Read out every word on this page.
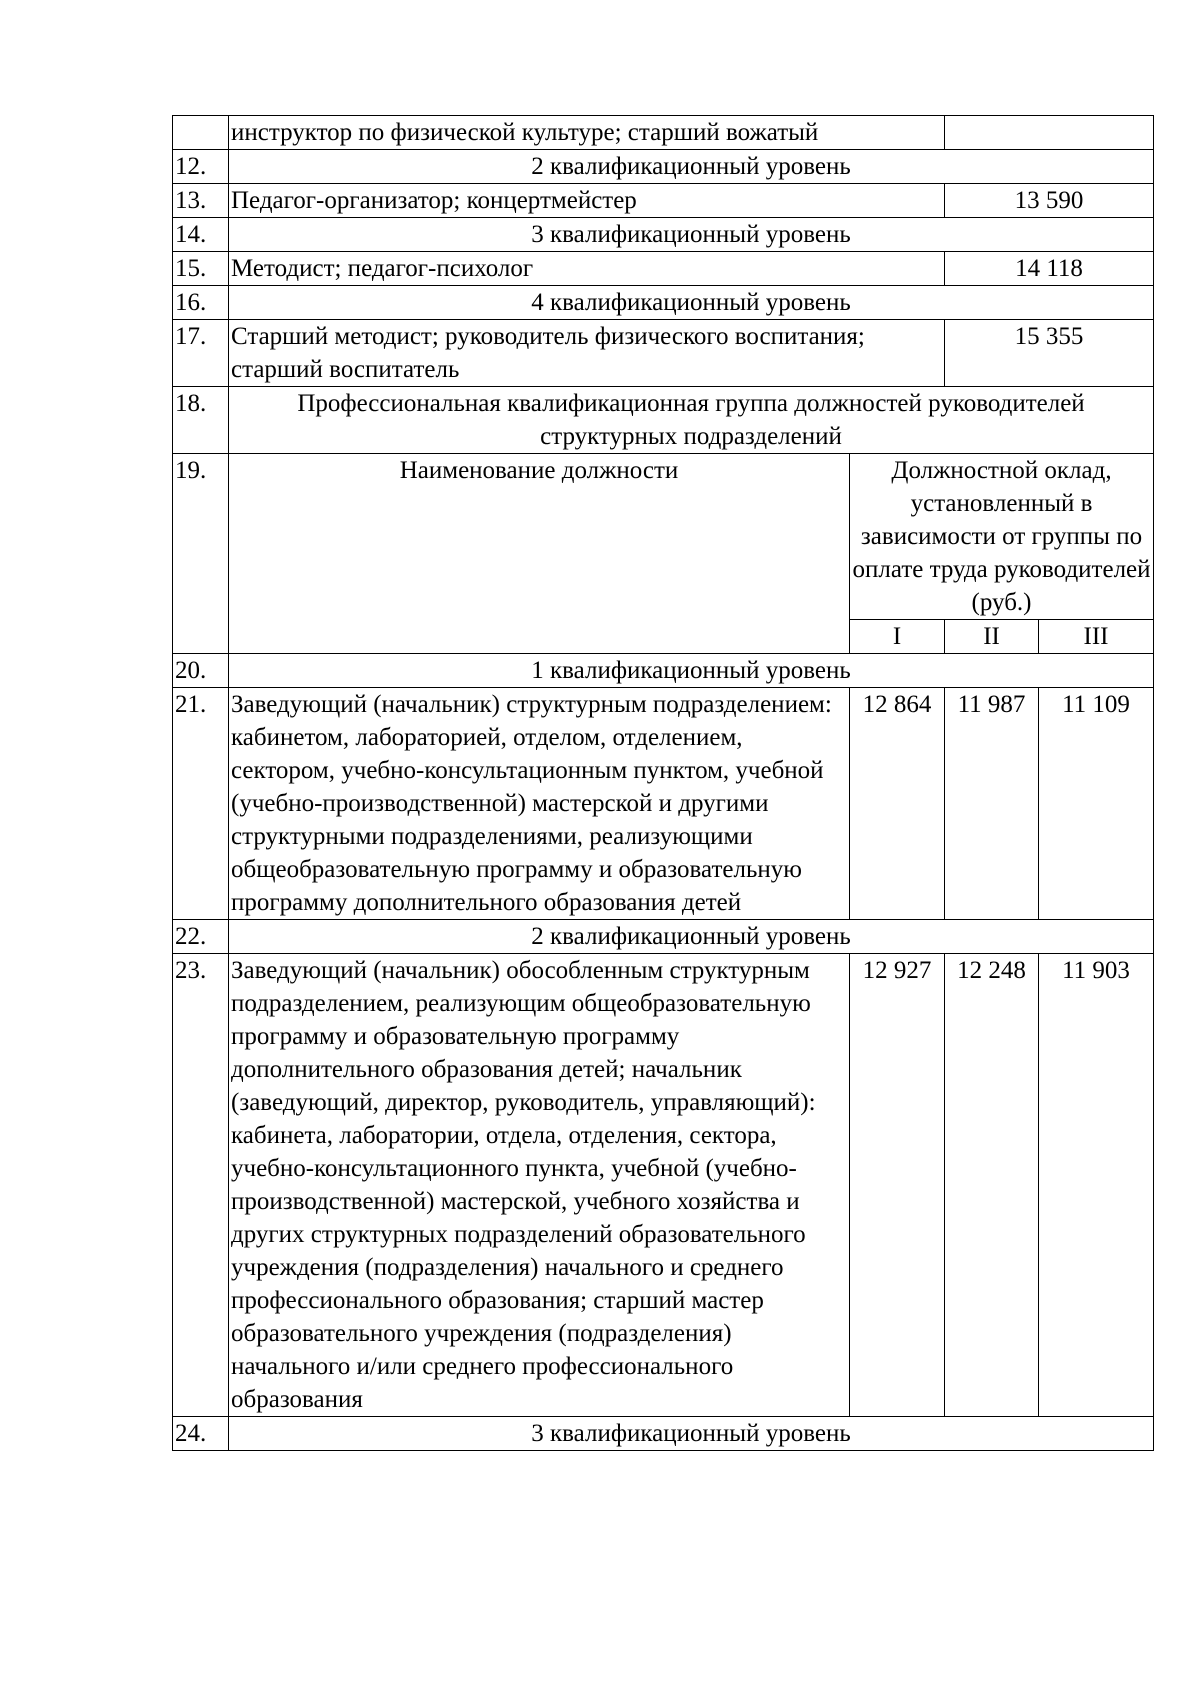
	инструктор по физической культуре; старший вожатый			
12.	2 квалификационный уровень			
13.	Педагог-организатор; концертмейстер		13 590	
14.	3 квалификационный уровень			
15.	Методист; педагог-психолог		14 118	
16.	4 квалификационный уровень			
17.	Старший методист; руководитель физического воспитания; старший воспитатель		15 355	
18.	Профессиональная квалификационная группа должностей руководителей структурных подразделений			
19.	Наименование должности	Должностной оклад, установленный в зависимости от группы по оплате труда руководителей (руб.)		
		I	II	III
20.	1 квалификационный уровень			
21.	Заведующий (начальник) структурным подразделением: кабинетом, лабораторией, отделом, отделением, сектором, учебно-консультационным пунктом, учебной (учебно-производственной) мастерской и другими структурными подразделениями, реализующими общеобразовательную программу и образовательную программу дополнительного образования детей	12 864	11 987	11 109
22.	2 квалификационный уровень			
23.	Заведующий (начальник) обособленным структурным подразделением, реализующим общеобразовательную программу и образовательную программу дополнительного образования детей; начальник (заведующий, директор, руководитель, управляющий): кабинета, лаборатории, отдела, отделения, сектора, учебно-консультационного пункта, учебной (учебно-производственной) мастерской, учебного хозяйства и других структурных подразделений образовательного учреждения (подразделения) начального и среднего профессионального образования; старший мастер образовательного учреждения (подразделения) начального и/или среднего профессионального образования	12 927	12 248	11 903
24.	3 квалификационный уровень			
